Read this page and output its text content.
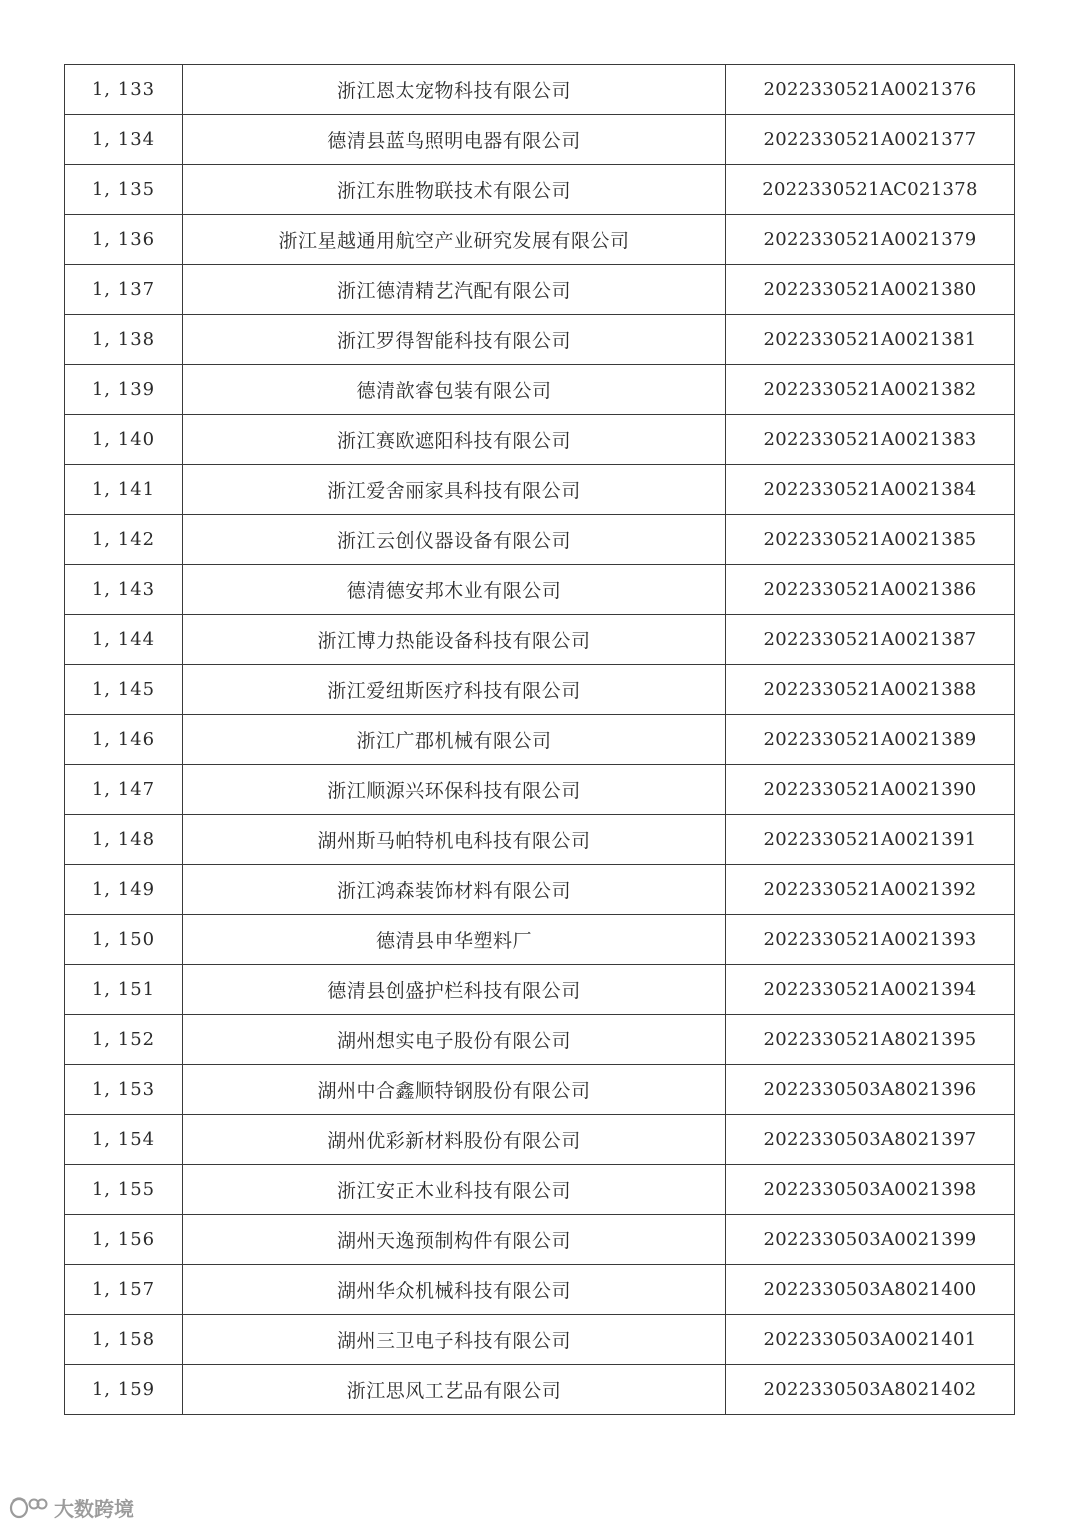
1, 133	浙江恩太宠物科技有限公司	2022330521A0021376
1, 134	德清县蓝鸟照明电器有限公司	2022330521A0021377
1, 135	浙江东胜物联技术有限公司	2022330521AC021378
1, 136	浙江星越通用航空产业研究发展有限公司	2022330521A0021379
1, 137	浙江德清精艺汽配有限公司	2022330521A0021380
1, 138	浙江罗得智能科技有限公司	2022330521A0021381
1, 139	德清歆睿包装有限公司	2022330521A0021382
1, 140	浙江赛欧遮阳科技有限公司	2022330521A0021383
1, 141	浙江爱舍丽家具科技有限公司	2022330521A0021384
1, 142	浙江云创仪器设备有限公司	2022330521A0021385
1, 143	德清德安邦木业有限公司	2022330521A0021386
1, 144	浙江博力热能设备科技有限公司	2022330521A0021387
1, 145	浙江爱纽斯医疗科技有限公司	2022330521A0021388
1, 146	浙江广郡机械有限公司	2022330521A0021389
1, 147	浙江顺源兴环保科技有限公司	2022330521A0021390
1, 148	湖州斯马帕特机电科技有限公司	2022330521A0021391
1, 149	浙江鸿森装饰材料有限公司	2022330521A0021392
1, 150	德清县申华塑料厂	2022330521A0021393
1, 151	德清县创盛护栏科技有限公司	2022330521A0021394
1, 152	湖州想实电子股份有限公司	2022330521A8021395
1, 153	湖州中合鑫顺特钢股份有限公司	2022330503A8021396
1, 154	湖州优彩新材料股份有限公司	2022330503A8021397
1, 155	浙江安正木业科技有限公司	2022330503A0021398
1, 156	湖州天逸预制构件有限公司	2022330503A0021399
1, 157	湖州华众机械科技有限公司	2022330503A8021400
1, 158	湖州三卫电子科技有限公司	2022330503A0021401
1, 159	浙江思风工艺品有限公司	2022330503A8021402
大数跨境
